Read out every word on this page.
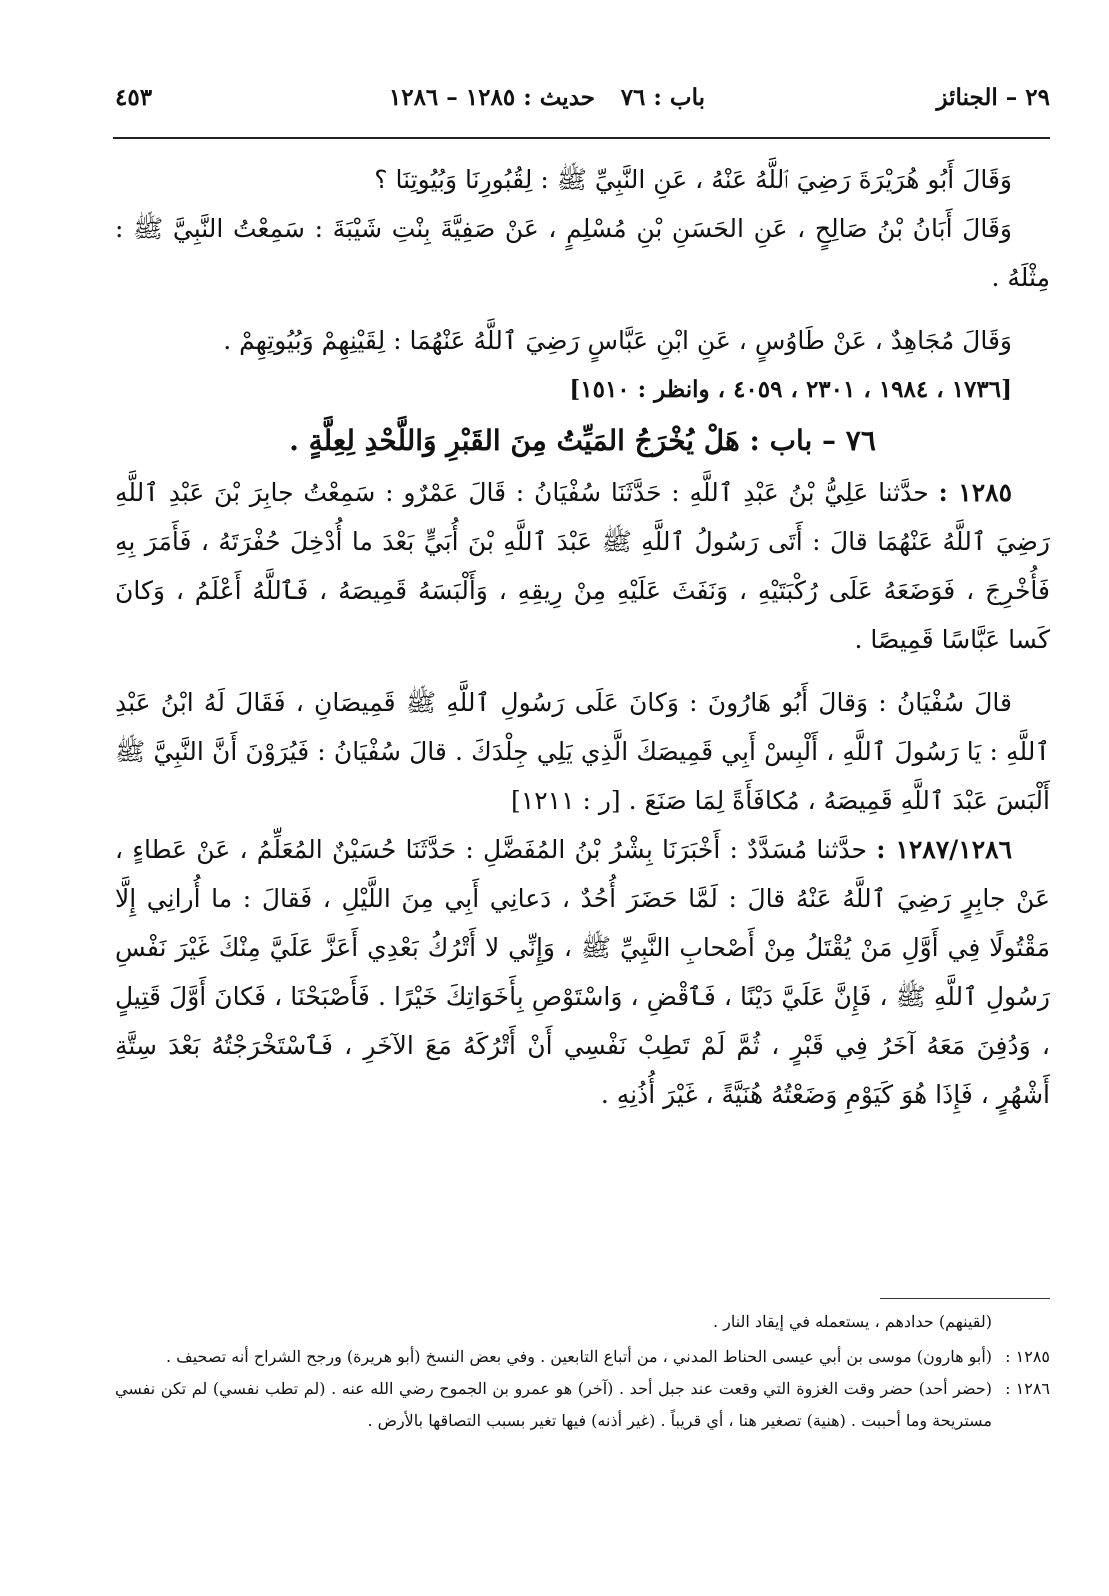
٢٩ – الجنائز
باب : ٧٦
حديث : ١٢٨٥ – ١٢٨٦
٤٥٣

وَقَالَ أَبُو هُرَيْرَةَ رَضِيَ ٱللَّهُ عَنْهُ ، عَنِ النَّبِيِّ ﷺ : لِقُبُورِنَا وَبُيُوتِنَا ؟

وَقَالَ أَبَانُ بْنُ صَالِحٍ ، عَنِ الحَسَنِ بْنِ مُسْلِمٍ ، عَنْ صَفِيَّةَ بِنْتِ شَيْبَةَ : سَمِعْتُ النَّبِيَّ ﷺ : مِثْلَهُ .

وَقَالَ مُجَاهِدٌ ، عَنْ طَاوُسٍ ، عَنِ ابْنِ عَبَّاسٍ رَضِيَ ٱللَّهُ عَنْهُمَا : لِقَيْنِهِمْ وَبُيُوتِهِمْ .

[١٧٣٦ ، ١٩٨٤ ، ٢٣٠١ ، ٤٠٥٩ ، وانظر : ١٥١٠]

٧٦ – باب : هَلْ يُخْرَجُ المَيِّتُ مِنَ القَبْرِ وَاللَّحْدِ لِعِلَّةٍ .

١٢٨٥ : حدَّثنا عَلِيُّ بْنُ عَبْدِ ٱللَّهِ : حَدَّثَنَا سُفْيَانُ : قَالَ عَمْرٌو : سَمِعْتُ جابِرَ بْنَ عَبْدِ ٱللَّهِ رَضِيَ ٱللَّهُ عَنْهُمَا قالَ : أَتَى رَسُولُ ٱللَّهِ ﷺ عَبْدَ ٱللَّهِ بْنَ أُبَيٍّ بَعْدَ ما أُدْخِلَ حُفْرَتَهُ ، فَأَمَرَ بِهِ فَأُخْرِجَ ، فَوَضَعَهُ عَلَى رُكْبَتَيْهِ ، وَنَفَثَ عَلَيْهِ مِنْ رِيقِهِ ، وَأَلْبَسَهُ قَمِيصَهُ ، فَٱللَّهُ أَعْلَمُ ، وَكانَ كَسا عَبَّاسًا قَمِيصًا .

قالَ سُفْيَانُ : وَقالَ أَبُو هَارُونَ : وَكانَ عَلَى رَسُولِ ٱللَّهِ ﷺ قَمِيصَانِ ، فَقَالَ لَهُ ابْنُ عَبْدِ ٱللَّهِ : يَا رَسُولَ ٱللَّهِ ، أَلْبِسْ أَبِي قَمِيصَكَ الَّذِي يَلِي جِلْدَكَ . قالَ سُفْيَانُ : فَيُرَوْنَ أَنَّ النَّبِيَّ ﷺ أَلْبَسَ عَبْدَ ٱللَّهِ قَمِيصَهُ ، مُكافَأَةً لِمَا صَنَعَ . [ر : ١٢١١]

١٢٨٧/١٢٨٦ : حدَّثنا مُسَدَّدٌ : أَخْبَرَنَا بِشْرُ بْنُ المُفَضَّلِ : حَدَّثَنَا حُسَيْنٌ المُعَلِّمُ ، عَنْ عَطاءٍ ، عَنْ جابِرٍ رَضِيَ ٱللَّهُ عَنْهُ قالَ : لَمَّا حَضَرَ أُحُدٌ ، دَعانِي أَبِي مِنَ اللَّيْلِ ، فَقالَ : ما أُرانِي إِلَّا مَقْتُولًا فِي أَوَّلِ مَنْ يُقْتَلُ مِنْ أَصْحابِ النَّبِيِّ ﷺ ، وَإِنِّي لا أَتْرُكُ بَعْدِي أَعَزَّ عَلَيَّ مِنْكَ غَيْرَ نَفْسِ رَسُولِ ٱللَّهِ ﷺ ، فَإِنَّ عَلَيَّ دَيْنًا ، فَٱقْضِ ، وَاسْتَوْصِ بِأَخَوَاتِكَ خَيْرًا . فَأَصْبَحْنَا ، فَكانَ أَوَّلَ قَتِيلٍ ، وَدُفِنَ مَعَهُ آخَرُ فِي قَبْرٍ ، ثُمَّ لَمْ تَطِبْ نَفْسِي أَنْ أَتْرُكَهُ مَعَ الآخَرِ ، فَٱسْتَخْرَجْتُهُ بَعْدَ سِتَّةِ أَشْهُرٍ ، فَإِذَا هُوَ كَيَوْمِ وَضَعْتُهُ هُنَيَّةً ، غَيْرَ أُذُنِهِ .

(لقينهم) حدادهم ، يستعمله في إيقاد النار .

١٢٨٥ :
(أبو هارون) موسى بن أبي عيسى الحناط المدني ، من أتباع التابعين . وفي بعض النسخ (أبو هريرة) ورجح الشراح أنه تصحيف .
١٢٨٦ :
(حضر أحد) حضر وقت الغزوة التي وقعت عند جبل أحد . (آخر) هو عمرو بن الجموح رضي الله عنه . (لم تطب نفسي) لم تكن نفسي مستريحة وما أحببت . (هنية) تصغير هنا ، أي قريباً . (غير أذنه) فيها تغير بسبب التصاقها بالأرض .
